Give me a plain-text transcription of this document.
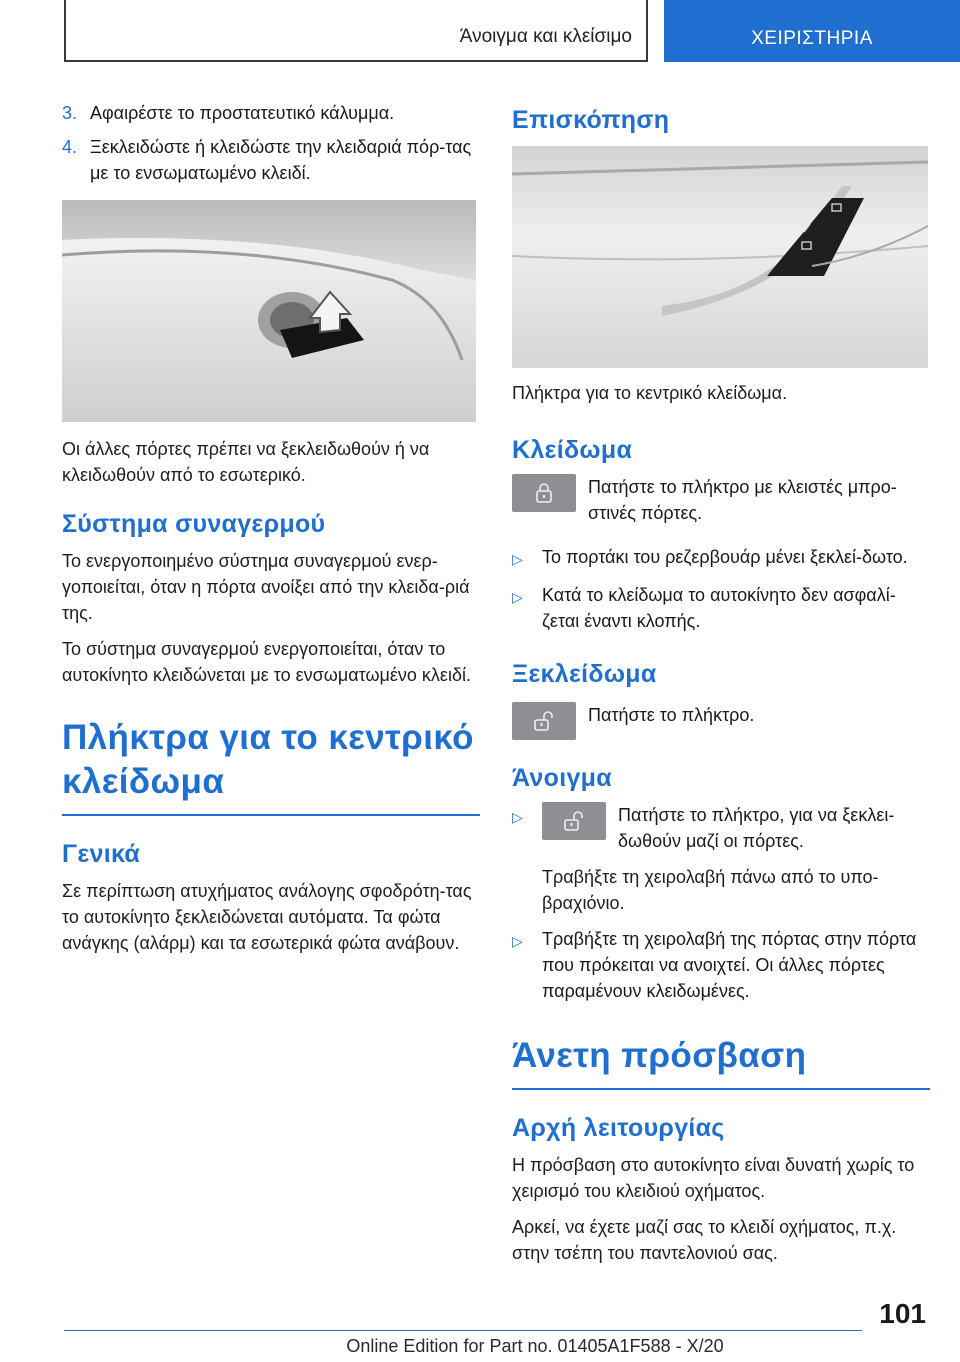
Άνοιγμα και κλείσιμο	ΧΕΙΡΙΣΤΗΡΙΑ
3. Αφαιρέστε το προστατευτικό κάλυμμα.
4. Ξεκλειδώστε ή κλειδώστε την κλειδαριά πόρ-τας με το ενσωματωμένο κλειδί.

Οι άλλες πόρτες πρέπει να ξεκλειδωθούν ή να κλειδωθούν από το εσωτερικό.

Σύστημα συναγερμού

Το ενεργοποιημένο σύστημα συναγερμού ενερ-γοποιείται, όταν η πόρτα ανοίξει από την κλειδα-ριά της.

Το σύστημα συναγερμού ενεργοποιείται, όταν το αυτοκίνητο κλειδώνεται με το ενσωματωμένο κλειδί.

Πλήκτρα για το κεντρικό κλείδωμα
Γενικά

Σε περίπτωση ατυχήματος ανάλογης σφοδρότη-τας το αυτοκίνητο ξεκλειδώνεται αυτόματα. Τα φώτα ανάγκης (αλάρμ) και τα εσωτερικά φώτα ανάβουν.

Επισκόπηση

Πλήκτρα για το κεντρικό κλείδωμα.

Κλείδωμα
Πατήστε το πλήκτρο με κλειστές μπρο-στινές πόρτες.
▷	Το πορτάκι του ρεζερβουάρ μένει ξεκλεί-δωτο.
▷	Κατά το κλείδωμα το αυτοκίνητο δεν ασφαλί-ζεται έναντι κλοπής.
Ξεκλείδωμα
Πατήστε το πλήκτρο.
Άνοιγμα
▷	Πατήστε το πλήκτρο, για να ξεκλει-δωθούν μαζί οι πόρτες.

Τραβήξτε τη χειρολαβή πάνω από το υπο-βραχιόνιο.

▷	Τραβήξτε τη χειρολαβή της πόρτας στην πόρτα που πρόκειται να ανοιχτεί. Οι άλλες πόρτες παραμένουν κλειδωμένες.
Άνετη πρόσβαση
Αρχή λειτουργίας

Η πρόσβαση στο αυτοκίνητο είναι δυνατή χωρίς το χειρισμό του κλειδιού οχήματος.

Αρκεί, να έχετε μαζί σας το κλειδί οχήματος, π.χ. στην τσέπη του παντελονιού σας.

101
Online Edition for Part no. 01405A1F588 - X/20
